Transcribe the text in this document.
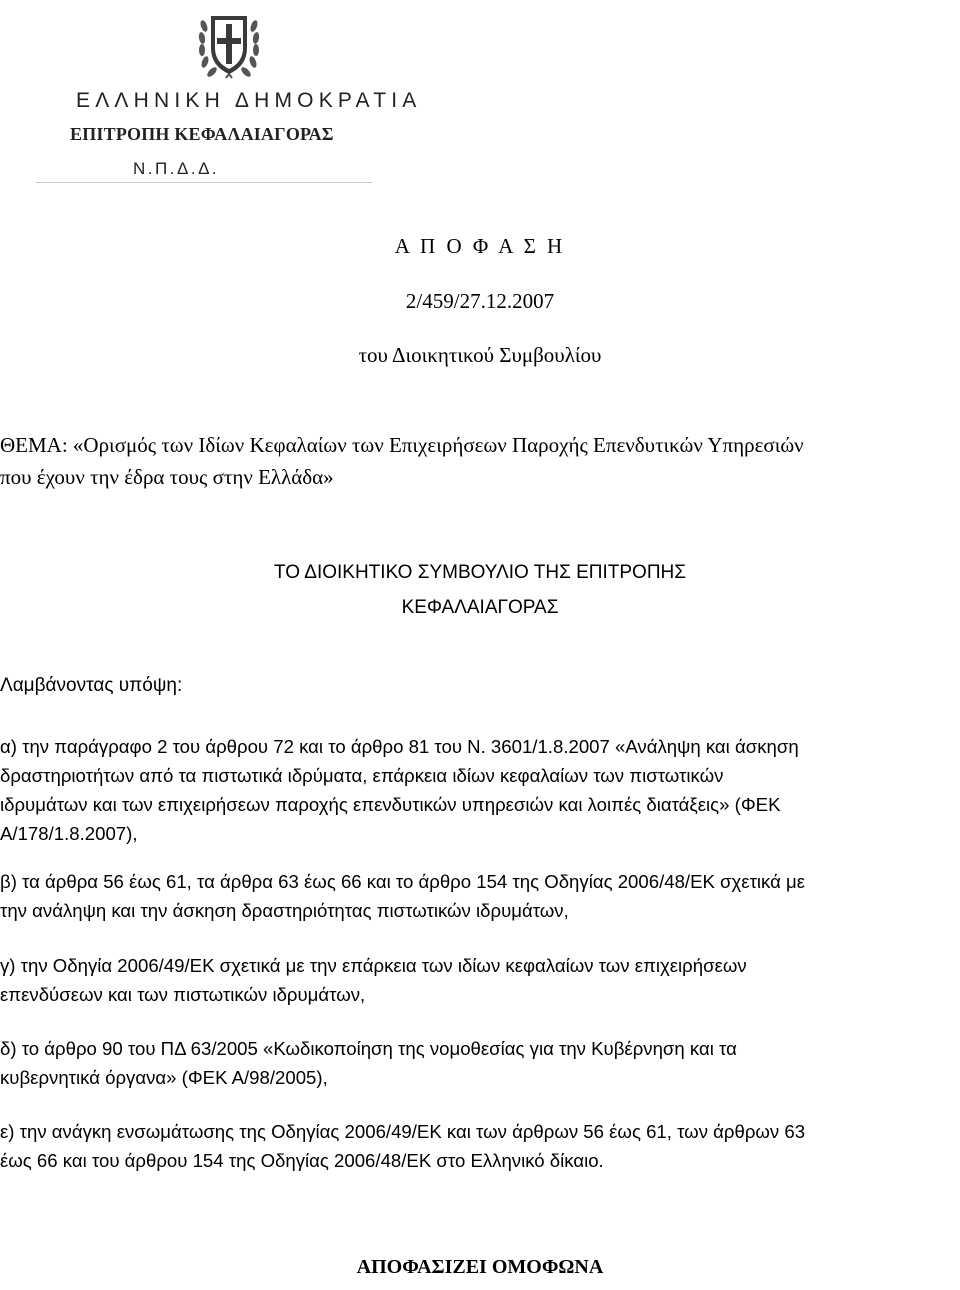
ΕΛΛΗΝΙΚΗ ΔΗΜΟΚΡΑΤΙΑ
ΕΠΙΤΡΟΠΗ ΚΕΦΑΛΑΙΑΓΟΡΑΣ
Ν.Π.Δ.Δ.
Α Π Ο Φ Α Σ Η
2/459/27.12.2007
του Διοικητικού Συμβουλίου
ΘΕΜΑ: «Ορισμός των Ιδίων Κεφαλαίων των Επιχειρήσεων Παροχής Επενδυτικών Υπηρεσιών
που έχουν την έδρα τους στην Ελλάδα»
ΤΟ ΔΙΟΙΚΗΤΙΚΟ ΣΥΜΒΟΥΛΙΟ ΤΗΣ ΕΠΙΤΡΟΠΗΣ
ΚΕΦΑΛΑΙΑΓΟΡΑΣ
Λαμβάνοντας υπόψη:
α) την παράγραφο 2 του άρθρου 72 και το άρθρο 81 του Ν. 3601/1.8.2007 «Ανάληψη και άσκηση
δραστηριοτήτων από τα πιστωτικά ιδρύματα, επάρκεια ιδίων κεφαλαίων των πιστωτικών
ιδρυμάτων και των επιχειρήσεων παροχής επενδυτικών υπηρεσιών και λοιπές διατάξεις» (ΦΕΚ
Α/178/1.8.2007),
β) τα άρθρα 56 έως 61, τα άρθρα 63 έως 66 και το άρθρο 154 της Οδηγίας 2006/48/ΕΚ σχετικά με
την ανάληψη και την άσκηση δραστηριότητας πιστωτικών ιδρυμάτων,
γ) την Οδηγία 2006/49/ΕΚ σχετικά με την επάρκεια των ιδίων κεφαλαίων των επιχειρήσεων
επενδύσεων και των πιστωτικών ιδρυμάτων,
δ) το άρθρο 90 του ΠΔ 63/2005 «Κωδικοποίηση της νομοθεσίας για την Κυβέρνηση και τα
κυβερνητικά όργανα» (ΦΕΚ Α/98/2005),
ε) την ανάγκη ενσωμάτωσης της Οδηγίας 2006/49/ΕΚ και των άρθρων 56 έως 61, των άρθρων 63
έως 66 και του άρθρου 154 της Οδηγίας 2006/48/ΕΚ στο Ελληνικό δίκαιο.
ΑΠΟΦΑΣΙΖΕΙ ΟΜΟΦΩΝΑ
